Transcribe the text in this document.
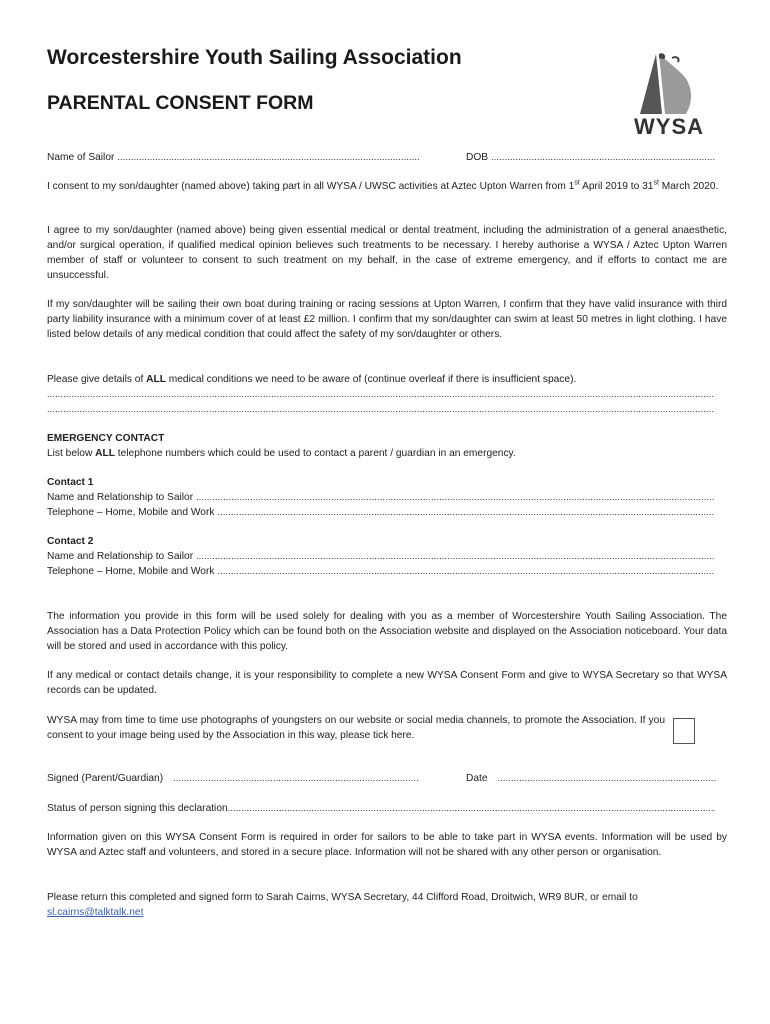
Worcestershire Youth Sailing Association
PARENTAL CONSENT FORM
WYSA
Name of Sailor .....	DOB
.....
I consent to my son/daughter (named above) taking part in all WYSA / UWSC activities at Aztec Upton Warren from 1st April 2019 to 31st March 2020.
I agree to my son/daughter (named above) being given essential medical or dental treatment, including the administration of a general anaesthetic, and/or surgical operation, if qualified medical opinion believes such treatments to be necessary. I hereby authorise a WYSA / Aztec Upton Warren member of staff or volunteer to consent to such treatment on my behalf, in the case of extreme emergency, and if efforts to contact me are unsuccessful.
If my son/daughter will be sailing their own boat during training or racing sessions at Upton Warren, I confirm that they have valid insurance with third party liability insurance with a minimum cover of at least £2 million. I confirm that my son/daughter can swim at least 50 metres in light clothing. I have listed below details of any medical condition that could affect the safety of my son/daughter or others.
Please give details of ALL medical conditions we need to be aware of (continue overleaf if there is insufficient space).
.....
.....
EMERGENCY CONTACT
List below ALL telephone numbers which could be used to contact a parent / guardian in an emergency.
Contact 1
Name and Relationship to Sailor
.....
Telephone – Home, Mobile and Work
.....
Contact 2
Name and Relationship to Sailor
.....
Telephone – Home, Mobile and Work
.....
The information you provide in this form will be used solely for dealing with you as a member of Worcestershire Youth Sailing Association. The Association has a Data Protection Policy which can be found both on the Association website and displayed on the Association noticeboard. Your data will be stored and used in accordance with this policy.
If any medical or contact details change, it is your responsibility to complete a new WYSA Consent Form and give to WYSA Secretary so that WYSA records can be updated.
WYSA may from time to time use photographs of youngsters on our website or social media channels, to promote the Association. If you consent to your image being used by the Association in this way, please tick here.
Signed (Parent/Guardian) .....	Date
.....
Status of person signing this declaration
.....
Information given on this WYSA Consent Form is required in order for sailors to be able to take part in WYSA events. Information will be used by WYSA and Aztec staff and volunteers, and stored in a secure place. Information will not be shared with any other person or organisation.
Please return this completed and signed form to Sarah Cairns, WYSA Secretary, 44 Clifford Road, Droitwich, WR9 8UR, or email to
sl.cairns@talktalk.net
